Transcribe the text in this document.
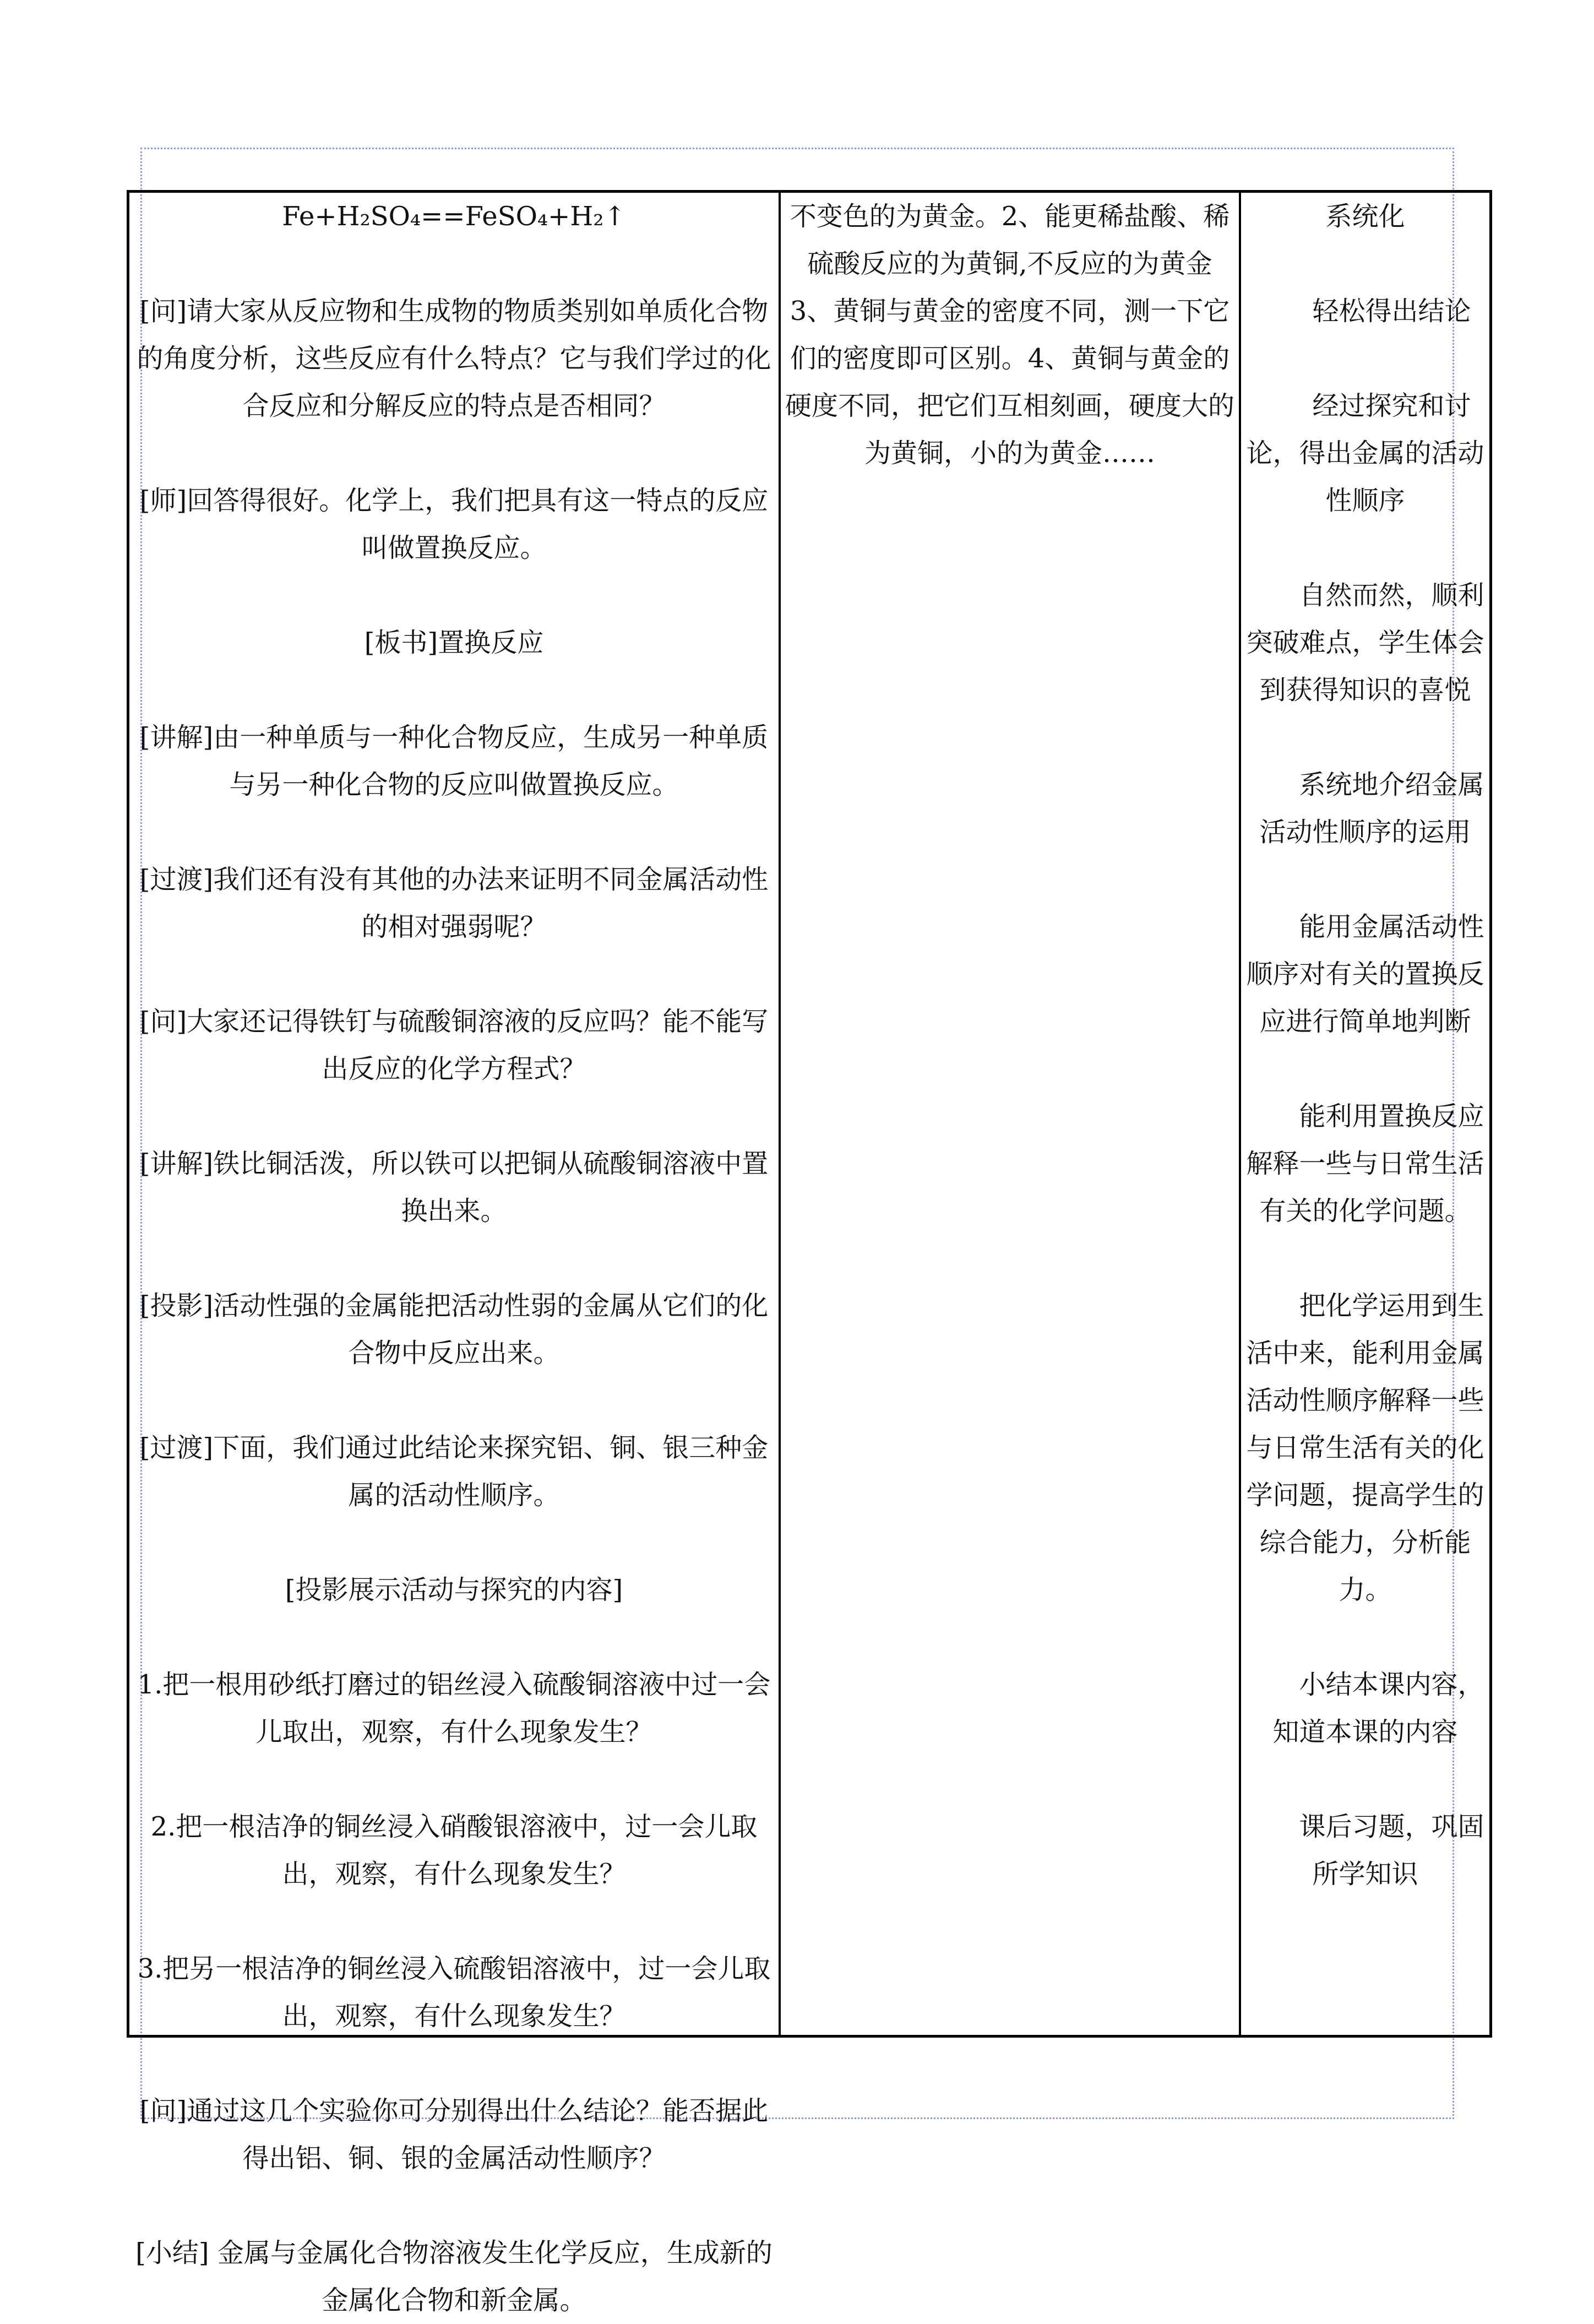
Fe+H₂SO₄==FeSO₄+H₂↑
[问]请大家从反应物和生成物的物质类别如单质化合物的角度分析，这些反应有什么特点？它与我们学过的化合反应和分解反应的特点是否相同？
[师]回答得很好。化学上，我们把具有这一特点的反应叫做置换反应。
[板书]置换反应
[讲解]由一种单质与一种化合物反应，生成另一种单质与另一种化合物的反应叫做置换反应。
[过渡]我们还有没有其他的办法来证明不同金属活动性的相对强弱呢？
[问]大家还记得铁钉与硫酸铜溶液的反应吗？能不能写出反应的化学方程式？
[讲解]铁比铜活泼，所以铁可以把铜从硫酸铜溶液中置换出来。
[投影]活动性强的金属能把活动性弱的金属从它们的化合物中反应出来。
[过渡]下面，我们通过此结论来探究铝、铜、银三种金属的活动性顺序。
[投影展示活动与探究的内容]
1.把一根用砂纸打磨过的铝丝浸入硫酸铜溶液中过一会儿取出，观察，有什么现象发生？
2.把一根洁净的铜丝浸入硝酸银溶液中，过一会儿取出，观察，有什么现象发生？
3.把另一根洁净的铜丝浸入硫酸铝溶液中，过一会儿取出，观察，有什么现象发生？
[问]通过这几个实验你可分别得出什么结论？能否据此得出铝、铜、银的金属活动性顺序？
[小结] 金属与金属化合物溶液发生化学反应，生成新的金属化合物和新金属。
不变色的为黄金。2、能更稀盐酸、稀硫酸反应的为黄铜,不反应的为黄金 3、黄铜与黄金的密度不同，测一下它们的密度即可区别。4、黄铜与黄金的硬度不同，把它们互相刻画，硬度大的为黄铜，小的为黄金……
系统化
轻松得出结论
经过探究和讨论，得出金属的活动性顺序
自然而然，顺利突破难点，学生体会到获得知识的喜悦
系统地介绍金属活动性顺序的运用
能用金属活动性顺序对有关的置换反应进行简单地判断
能利用置换反应解释一些与日常生活有关的化学问题。
把化学运用到生活中来，能利用金属活动性顺序解释一些与日常生活有关的化学问题，提高学生的综合能力，分析能力。
小结本课内容，知道本课的内容
课后习题，巩固所学知识
